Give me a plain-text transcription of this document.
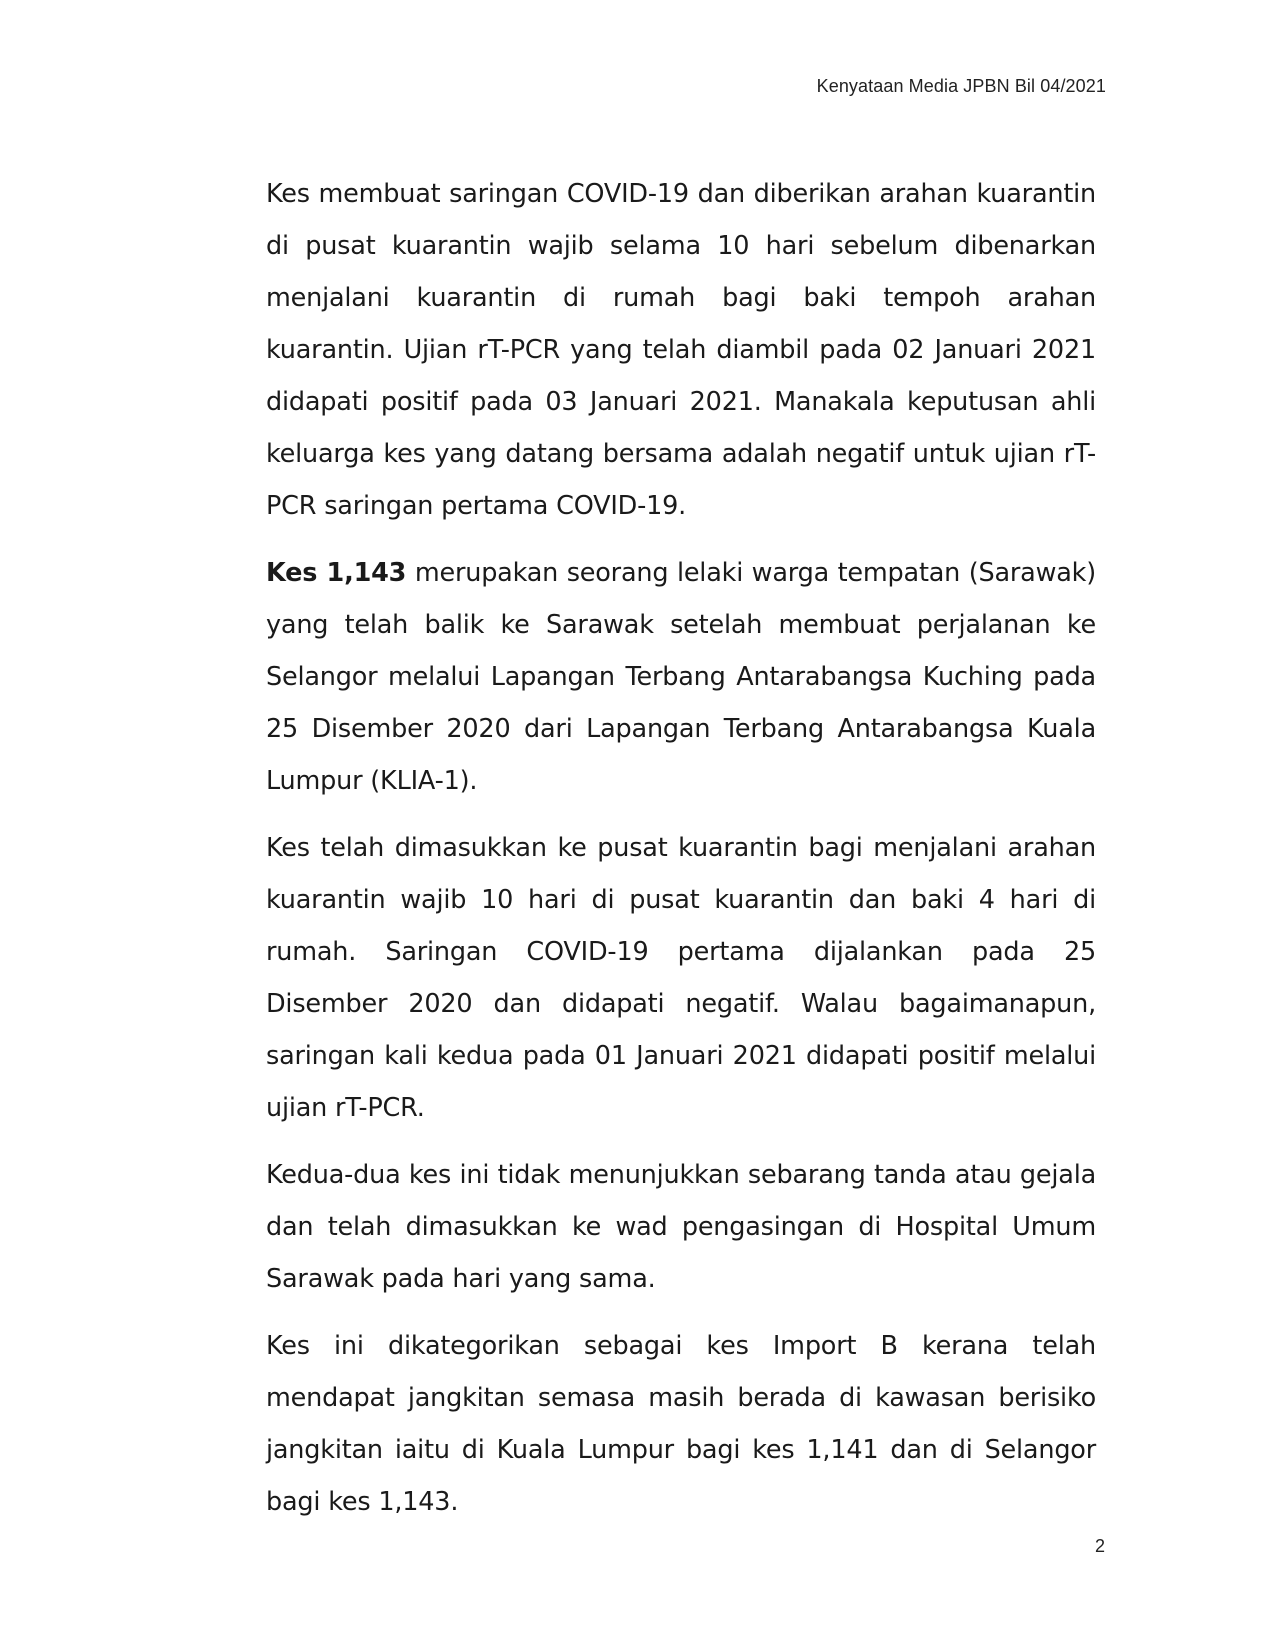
Kenyataan Media JPBN Bil 04/2021

Kes membuat saringan COVID-19 dan diberikan arahan kuarantin di pusat kuarantin wajib selama 10 hari sebelum dibenarkan menjalani kuarantin di rumah bagi baki tempoh arahan kuarantin. Ujian rT-PCR yang telah diambil pada 02 Januari 2021 didapati positif pada 03 Januari 2021. Manakala keputusan ahli keluarga kes yang datang bersama adalah negatif untuk ujian rT-PCR saringan pertama COVID-19.

Kes 1,143 merupakan seorang lelaki warga tempatan (Sarawak) yang telah balik ke Sarawak setelah membuat perjalanan ke Selangor melalui Lapangan Terbang Antarabangsa Kuching pada 25 Disember 2020 dari Lapangan Terbang Antarabangsa Kuala Lumpur (KLIA-1).

Kes telah dimasukkan ke pusat kuarantin bagi menjalani arahan kuarantin wajib 10 hari di pusat kuarantin dan baki 4 hari di rumah. Saringan COVID-19 pertama dijalankan pada 25 Disember 2020 dan didapati negatif. Walau bagaimanapun, saringan kali kedua pada 01 Januari 2021 didapati positif melalui ujian rT-PCR.

Kedua-dua kes ini tidak menunjukkan sebarang tanda atau gejala dan telah dimasukkan ke wad pengasingan di Hospital Umum Sarawak pada hari yang sama.

Kes ini dikategorikan sebagai kes Import B kerana telah mendapat jangkitan semasa masih berada di kawasan berisiko jangkitan iaitu di Kuala Lumpur bagi kes 1,141 dan di Selangor bagi kes 1,143.

2
